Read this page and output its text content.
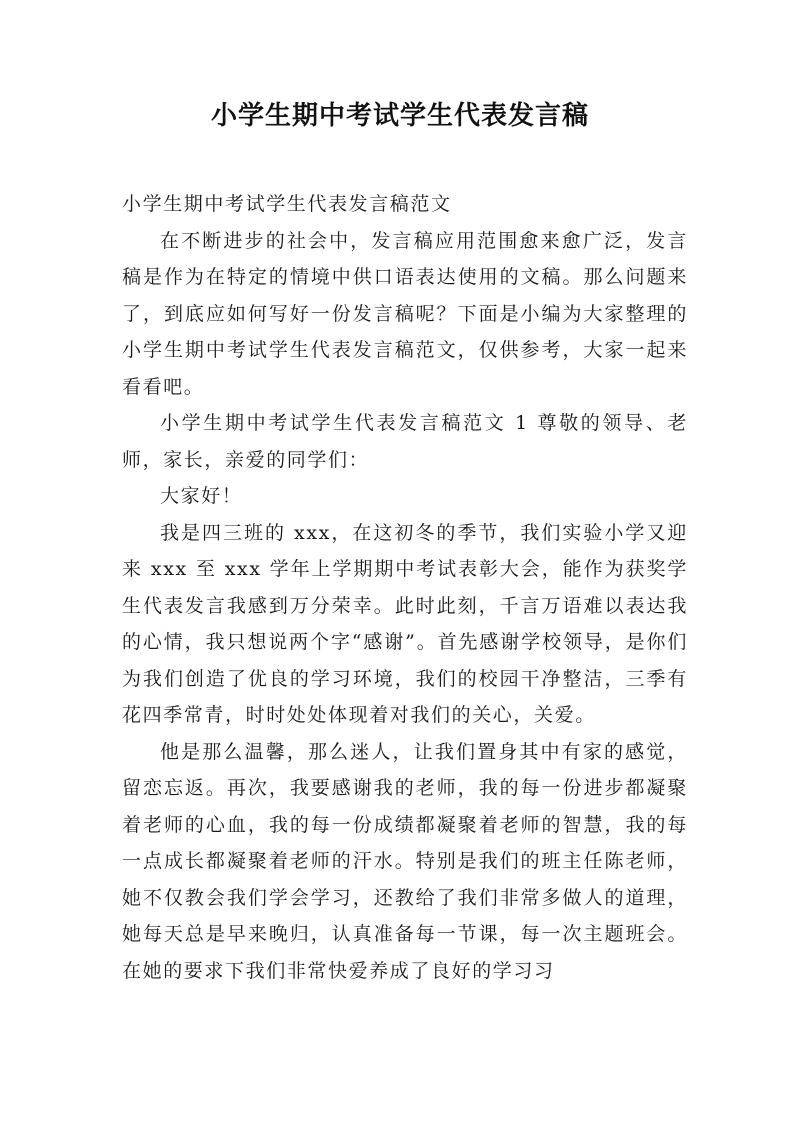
小学生期中考试学生代表发言稿

小学生期中考试学生代表发言稿范文

在不断进步的社会中，发言稿应用范围愈来愈广泛，发言稿是作为在特定的情境中供口语表达使用的文稿。那么问题来了，到底应如何写好一份发言稿呢？下面是小编为大家整理的小学生期中考试学生代表发言稿范文，仅供参考，大家一起来看看吧。

小学生期中考试学生代表发言稿范文 1 尊敬的领导、老师，家长，亲爱的同学们：

大家好！

我是四三班的 xxx，在这初冬的季节，我们实验小学又迎来 xxx 至 xxx 学年上学期期中考试表彰大会，能作为获奖学生代表发言我感到万分荣幸。此时此刻，千言万语难以表达我的心情，我只想说两个字“感谢”。首先感谢学校领导，是你们为我们创造了优良的学习环境，我们的校园干净整洁，三季有花四季常青，时时处处体现着对我们的关心，关爱。

他是那么温馨，那么迷人，让我们置身其中有家的感觉，留恋忘返。再次，我要感谢我的老师，我的每一份进步都凝聚着老师的心血，我的每一份成绩都凝聚着老师的智慧，我的每一点成长都凝聚着老师的汗水。特别是我们的班主任陈老师，她不仅教会我们学会学习，还教给了我们非常多做人的道理，她每天总是早来晚归，认真准备每一节课，每一次主题班会。在她的要求下我们非常快爱养成了良好的学习习
